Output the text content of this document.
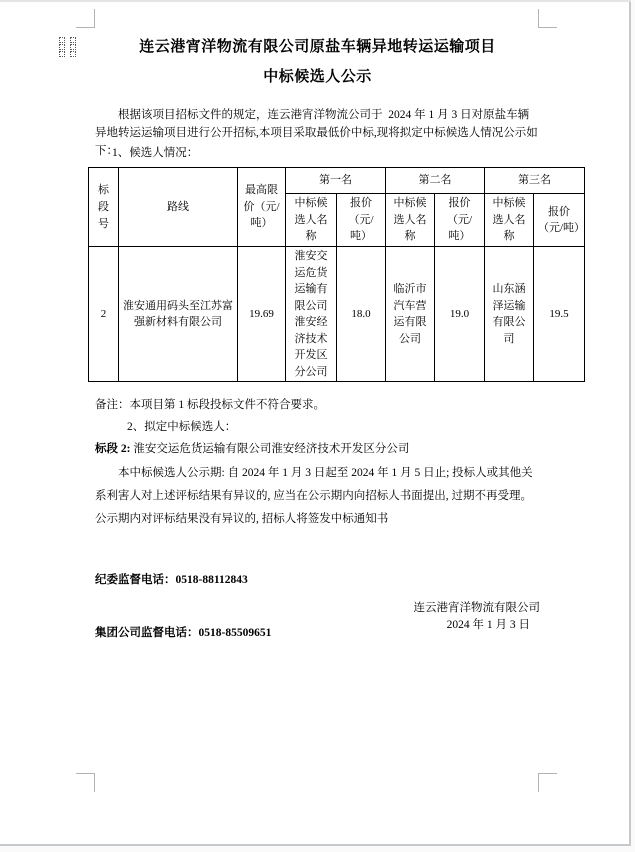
连云港宵洋物流有限公司原盐车辆异地转运运输项目
中标候选人公示
根据该项目招标文件的规定，连云港宵洋物流公司于  2024 年 1 月 3 日对原盐车辆异地转运运输项目进行公开招标,本项目采取最低价中标,现将拟定中标候选人情况公示如下：
1、候选人情况：
标段号	路线	最高限价（元/吨）	第一名		第二名		第三名	
			中标候选人名称	报价（元/吨）	中标候选人名称	报价（元/吨）	中标候选人名称	报价（元/吨）
2	淮安通用码头至江苏富强新材料有限公司	19.69	淮安交运危货运输有限公司淮安经济技术开发区分公司	18.0	临沂市汽车营运有限公司	19.0	山东涵泽运输有限公司	19.5
备注：本项目第 1 标段投标文件不符合要求。
2、拟定中标候选人：
标段 2: 淮安交运危货运输有限公司淮安经济技术开发区分公司
本中标候选人公示期: 自 2024 年 1 月 3 日起至 2024 年 1 月 5 日止; 投标人或其他关系利害人对上述评标结果有异议的, 应当在公示期内向招标人书面提出, 过期不再受理。公示期内对评标结果没有异议的, 招标人将签发中标通知书

纪委监督电话：0518-88112843

集团公司监督电话：0518-85509651

连云港宵洋物流有限公司
2024 年 1 月 3 日
